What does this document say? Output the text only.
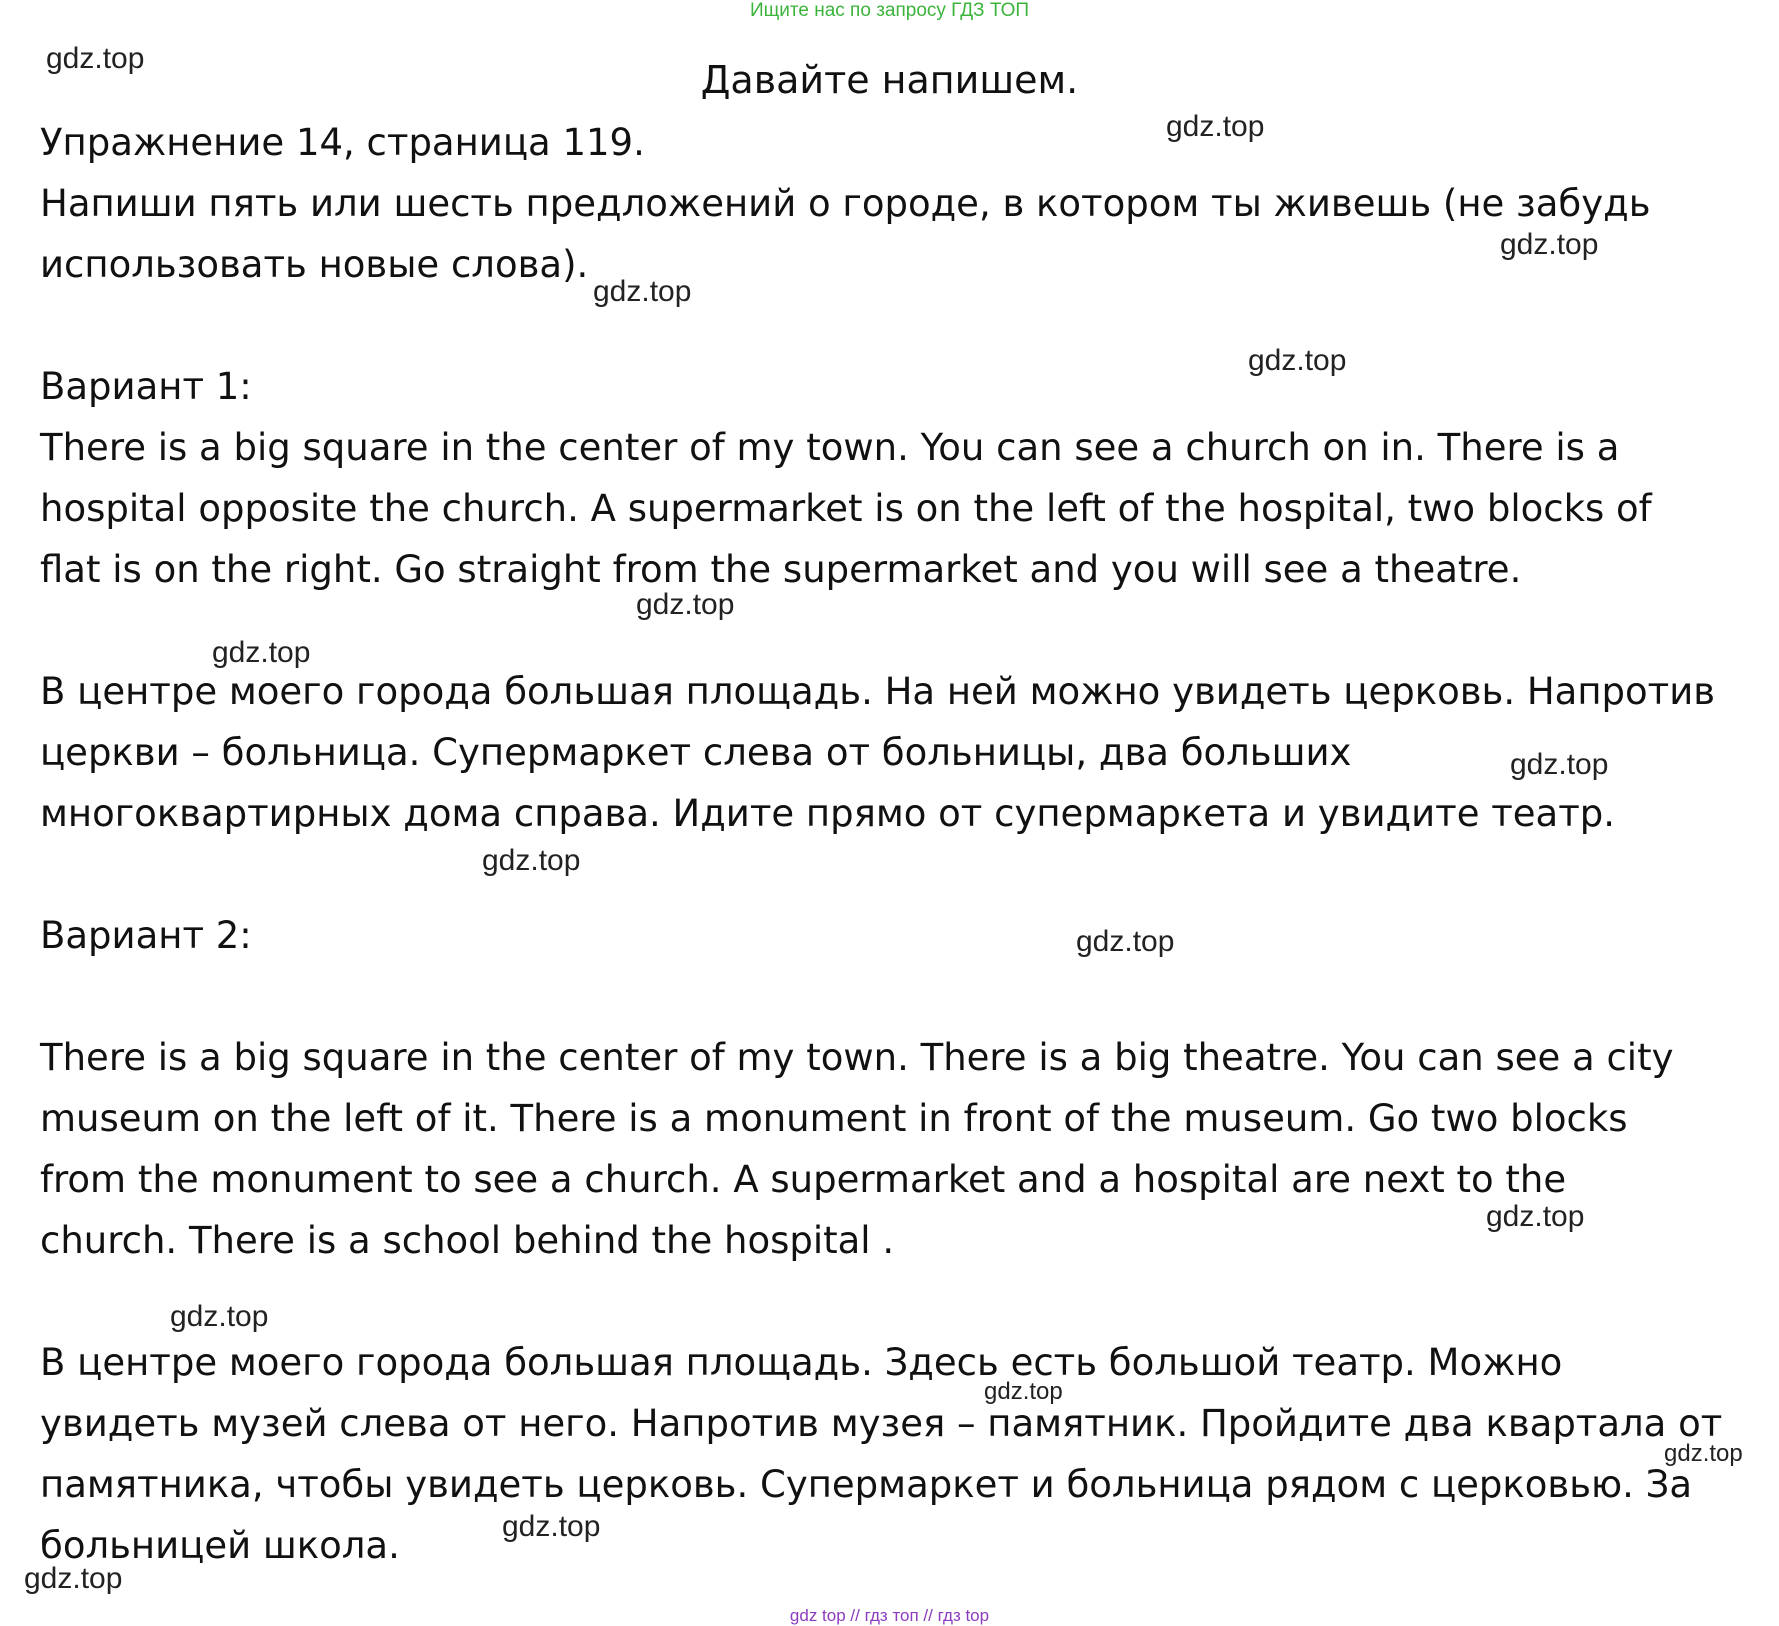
Ищите нас по запросу ГДЗ ТОП
Давайте напишем.

Упражнение 14, страница 119.

Напиши пять или шесть предложений о городе, в котором ты живешь (не забудь
использовать новые слова).

Вариант 1:

There is a big square in the center of my town. You can see a church on in. There is a
hospital opposite the church. A supermarket is on the left of the hospital, two blocks of
flat is on the right. Go straight from the supermarket and you will see a theatre.

В центре моего города большая площадь. На ней можно увидеть церковь. Напротив
церкви – больница. Супермаркет слева от больницы, два больших
многоквартирных дома справа. Идите прямо от супермаркета и увидите театр.

Вариант 2:

There is a big square in the center of my town. There is a big theatre. You can see a city
museum on the left of it. There is a monument in front of the museum. Go two blocks
from the monument to see a church. A supermarket and a hospital are next to the
church. There is a school behind the hospital .

В центре моего города большая площадь. Здесь есть большой театр. Можно
увидеть музей слева от него. Напротив музея – памятник. Пройдите два квартала от
памятника, чтобы увидеть церковь. Супермаркет и больница рядом с церковью. За
больницей школа.

gdz.top
gdz.top
gdz.top
gdz.top
gdz.top
gdz.top
gdz.top
gdz.top
gdz.top
gdz.top
gdz.top
gdz.top
gdz.top
gdz.top
gdz.top
gdz.top
gdz top // гдз топ // гдз top
